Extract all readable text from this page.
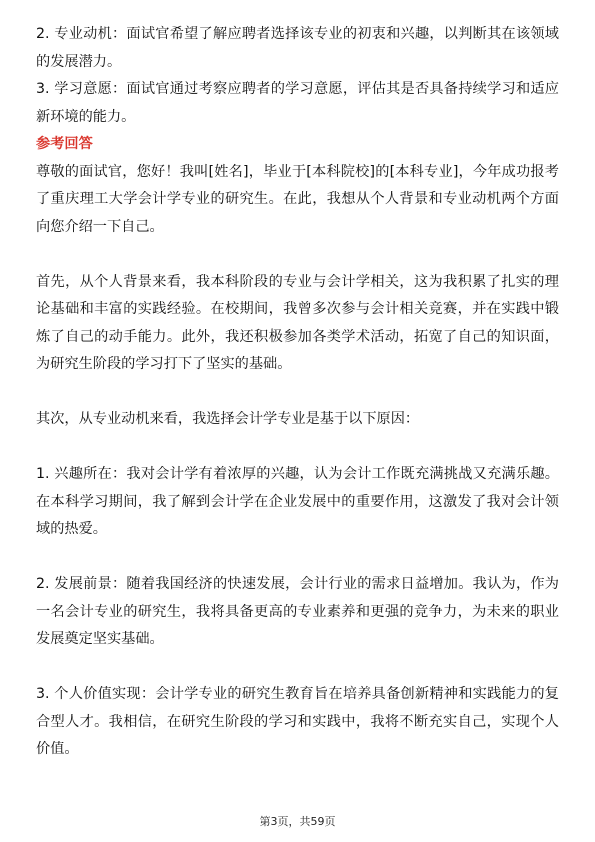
2. 专业动机：面试官希望了解应聘者选择该专业的初衷和兴趣，以判断其在该领域的发展潜力。

3. 学习意愿：面试官通过考察应聘者的学习意愿，评估其是否具备持续学习和适应新环境的能力。

参考回答

尊敬的面试官，您好！我叫[姓名]，毕业于[本科院校]的[本科专业]，今年成功报考了重庆理工大学会计学专业的研究生。在此，我想从个人背景和专业动机两个方面向您介绍一下自己。

首先，从个人背景来看，我本科阶段的专业与会计学相关，这为我积累了扎实的理论基础和丰富的实践经验。在校期间，我曾多次参与会计相关竞赛，并在实践中锻炼了自己的动手能力。此外，我还积极参加各类学术活动，拓宽了自己的知识面，为研究生阶段的学习打下了坚实的基础。

其次，从专业动机来看，我选择会计学专业是基于以下原因：

1. 兴趣所在：我对会计学有着浓厚的兴趣，认为会计工作既充满挑战又充满乐趣。在本科学习期间，我了解到会计学在企业发展中的重要作用，这激发了我对会计领域的热爱。

2. 发展前景：随着我国经济的快速发展，会计行业的需求日益增加。我认为，作为一名会计专业的研究生，我将具备更高的专业素养和更强的竞争力，为未来的职业发展奠定坚实基础。

3. 个人价值实现：会计学专业的研究生教育旨在培养具备创新精神和实践能力的复合型人才。我相信，在研究生阶段的学习和实践中，我将不断充实自己，实现个人价值。

第3页，共59页
